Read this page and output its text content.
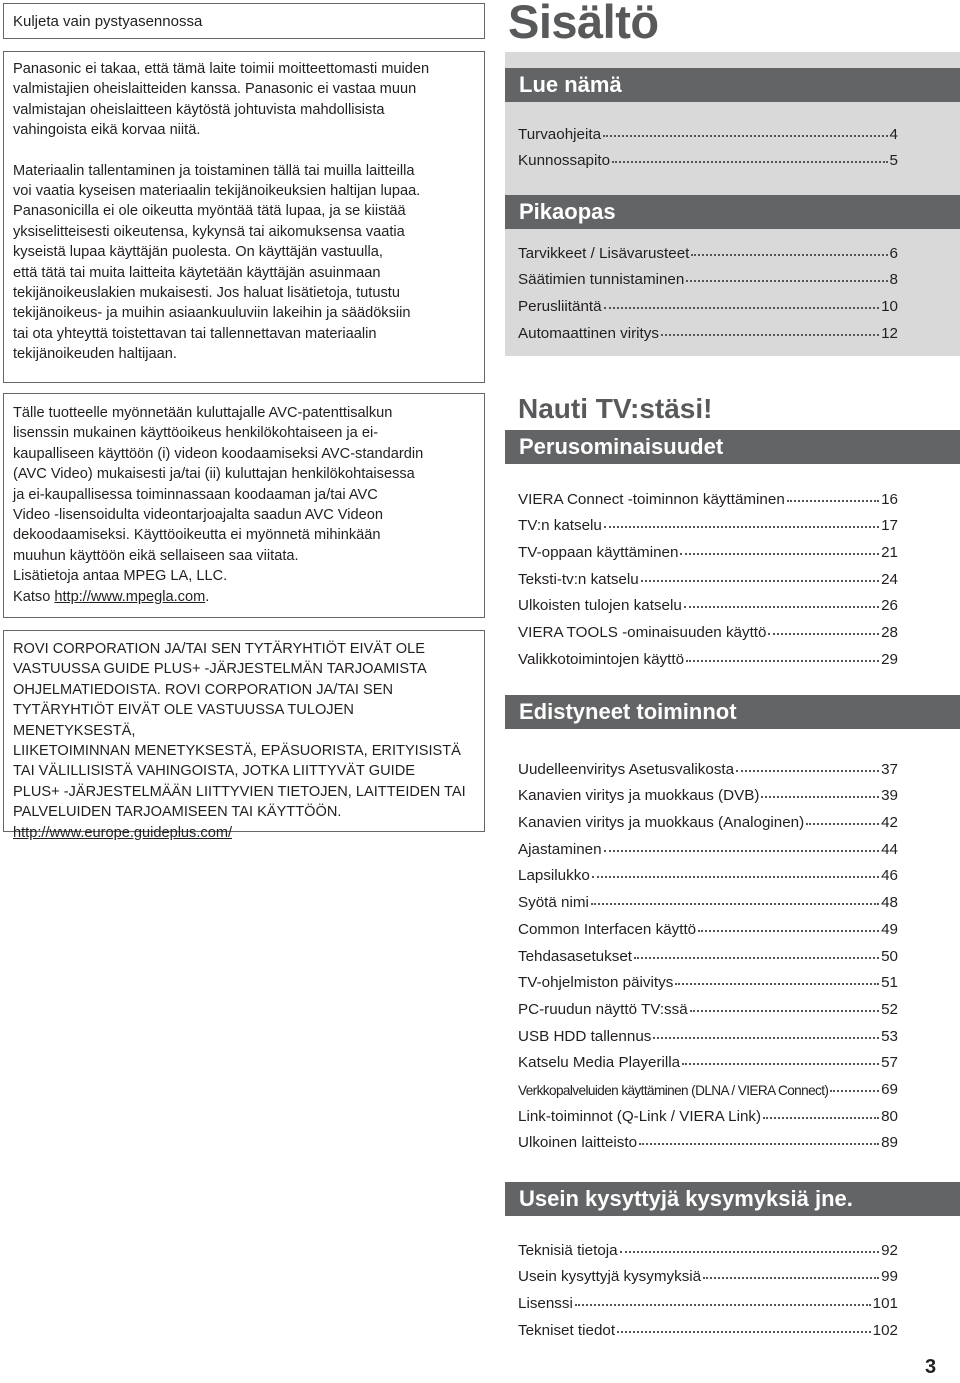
Kuljeta vain pystyasennossa

Panasonic ei takaa, että tämä laite toimii moitteettomasti muiden
valmistajien oheislaitteiden kanssa. Panasonic ei vastaa muun
valmistajan oheislaitteen käytöstä johtuvista mahdollisista
vahingoista eikä korvaa niitä.

Materiaalin tallentaminen ja toistaminen tällä tai muilla laitteilla
voi vaatia kyseisen materiaalin tekijänoikeuksien haltijan lupaa.
Panasonicilla ei ole oikeutta myöntää tätä lupaa, ja se kiistää
yksiselitteisesti oikeutensa, kykynsä tai aikomuksensa vaatia
kyseistä lupaa käyttäjän puolesta. On käyttäjän vastuulla,
että tätä tai muita laitteita käytetään käyttäjän asuinmaan
tekijänoikeuslakien mukaisesti. Jos haluat lisätietoja, tutustu
tekijänoikeus- ja muihin asiaankuuluviin lakeihin ja säädöksiin
tai ota yhteyttä toistettavan tai tallennettavan materiaalin
tekijänoikeuden haltijaan.

Tälle tuotteelle myönnetään kuluttajalle AVC-patenttisalkun
lisenssin mukainen käyttöoikeus henkilökohtaiseen ja ei-
kaupalliseen käyttöön (i) videon koodaamiseksi AVC-standardin
(AVC Video) mukaisesti ja/tai (ii) kuluttajan henkilökohtaisessa
ja ei-kaupallisessa toiminnassaan koodaaman ja/tai AVC
Video -lisensoidulta videontarjoajalta saadun AVC Videon
dekoodaamiseksi. Käyttöoikeutta ei myönnetä mihinkään
muuhun käyttöön eikä sellaiseen saa viitata.
Lisätietoja antaa MPEG LA, LLC.

Katso http://www.mpegla.com.

ROVI CORPORATION JA/TAI SEN TYTÄRYHTIÖT EIVÄT OLE
VASTUUSSA GUIDE PLUS+ -JÄRJESTELMÄN TARJOAMISTA
OHJELMATIEDOISTA. ROVI CORPORATION JA/TAI SEN
TYTÄRYHTIÖT EIVÄT OLE VASTUUSSA TULOJEN MENETYKSESTÄ,
LIIKETOIMINNAN MENETYKSESTÄ, EPÄSUORISTA, ERITYISISTÄ
TAI VÄLILLISISTÄ VAHINGOISTA, JOTKA LIITTYVÄT GUIDE
PLUS+ -JÄRJESTELMÄÄN LIITTYVIEN TIETOJEN, LAITTEIDEN TAI
PALVELUIDEN TARJOAMISEEN TAI KÄYTTÖÖN.

http://www.europe.guideplus.com/

Sisältö
Lue nämä
Turvaohjeita	4
Kunnossapito	5
Pikaopas
Tarvikkeet / Lisävarusteet	6
Säätimien tunnistaminen	8
Perusliitäntä	10
Automaattinen viritys	12
Nauti TV:stäsi!
Perusominaisuudet
VIERA Connect -toiminnon käyttäminen	16
TV:n katselu	17
TV-oppaan käyttäminen	21
Teksti-tv:n katselu	24
Ulkoisten tulojen katselu	26
VIERA TOOLS -ominaisuuden käyttö	28
Valikkotoimintojen käyttö	29
Edistyneet toiminnot
Uudelleenviritys Asetusvalikosta	37
Kanavien viritys ja muokkaus (DVB)	39
Kanavien viritys ja muokkaus (Analoginen)	42
Ajastaminen	44
Lapsilukko	46
Syötä nimi	48
Common Interfacen käyttö	49
Tehdasasetukset	50
TV-ohjelmiston päivitys	51
PC-ruudun näyttö TV:ssä	52
USB HDD tallennus	53
Katselu Media Playerilla	57
Verkkopalveluiden käyttäminen (DLNA / VIERA Connect)	69
Link-toiminnot (Q-Link / VIERA Link)	80
Ulkoinen laitteisto	89
Usein kysyttyjä kysymyksiä jne.
Teknisiä tietoja	92
Usein kysyttyjä kysymyksiä	99
Lisenssi	101
Tekniset tiedot	102
3
